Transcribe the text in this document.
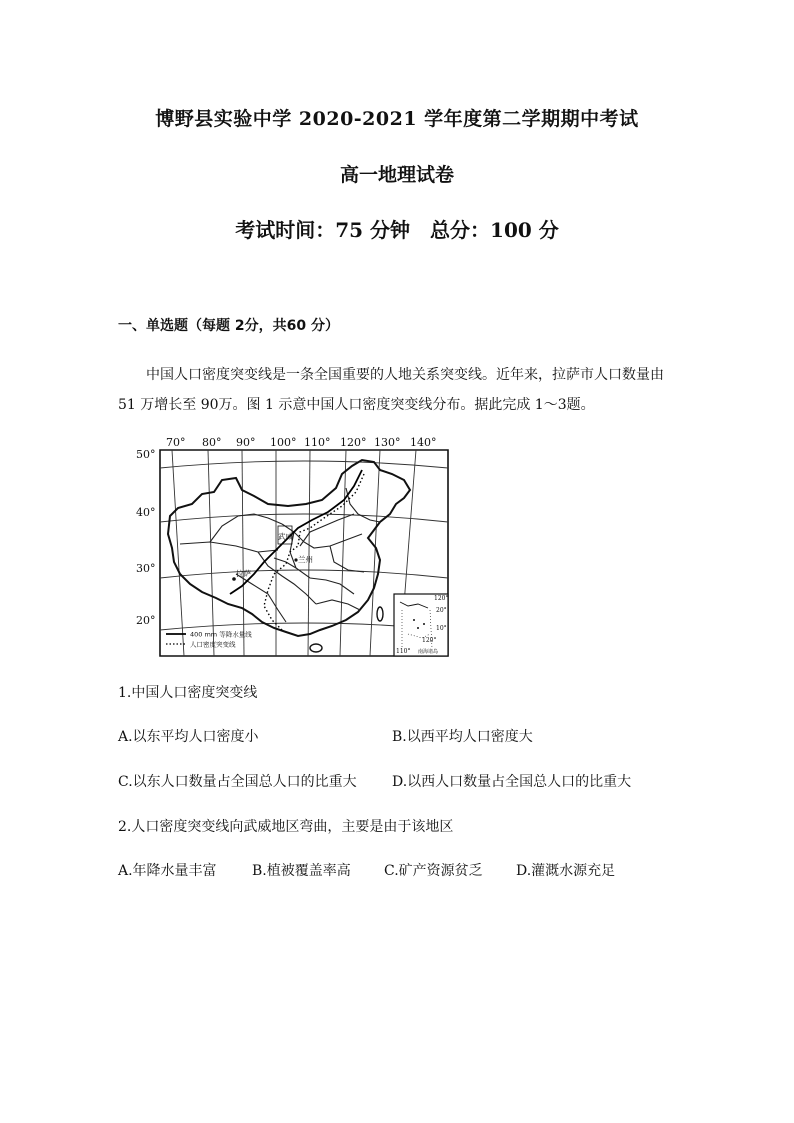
博野县实验中学 2020-2021 学年度第二学期期中考试
高一地理试卷
考试时间：75 分钟　总分：100 分
一、单选题（每题 2分，共60 分）
中国人口密度突变线是一条全国重要的人地关系突变线。近年来，拉萨市人口数量由 51 万增长至 90万。图 1 示意中国人口密度突变线分布。据此完成 1～3题。
70° 80° 90° 100° 110° 120° 130° 140°
50°
40°
30°
20°
武威
兰州
拉萨
400 mm 等降水量线
人口密度突变线
120°
20°
10°
110°
120°
南海诸岛
1.中国人口密度突变线
A.以东平均人口密度小	B.以西平均人口密度大
C.以东人口数量占全国总人口的比重大	D.以西人口数量占全国总人口的比重大
2.人口密度突变线向武威地区弯曲，主要是由于该地区
A.年降水量丰富	B.植被覆盖率高 C.矿产资源贫乏 D.灌溉水源充足
